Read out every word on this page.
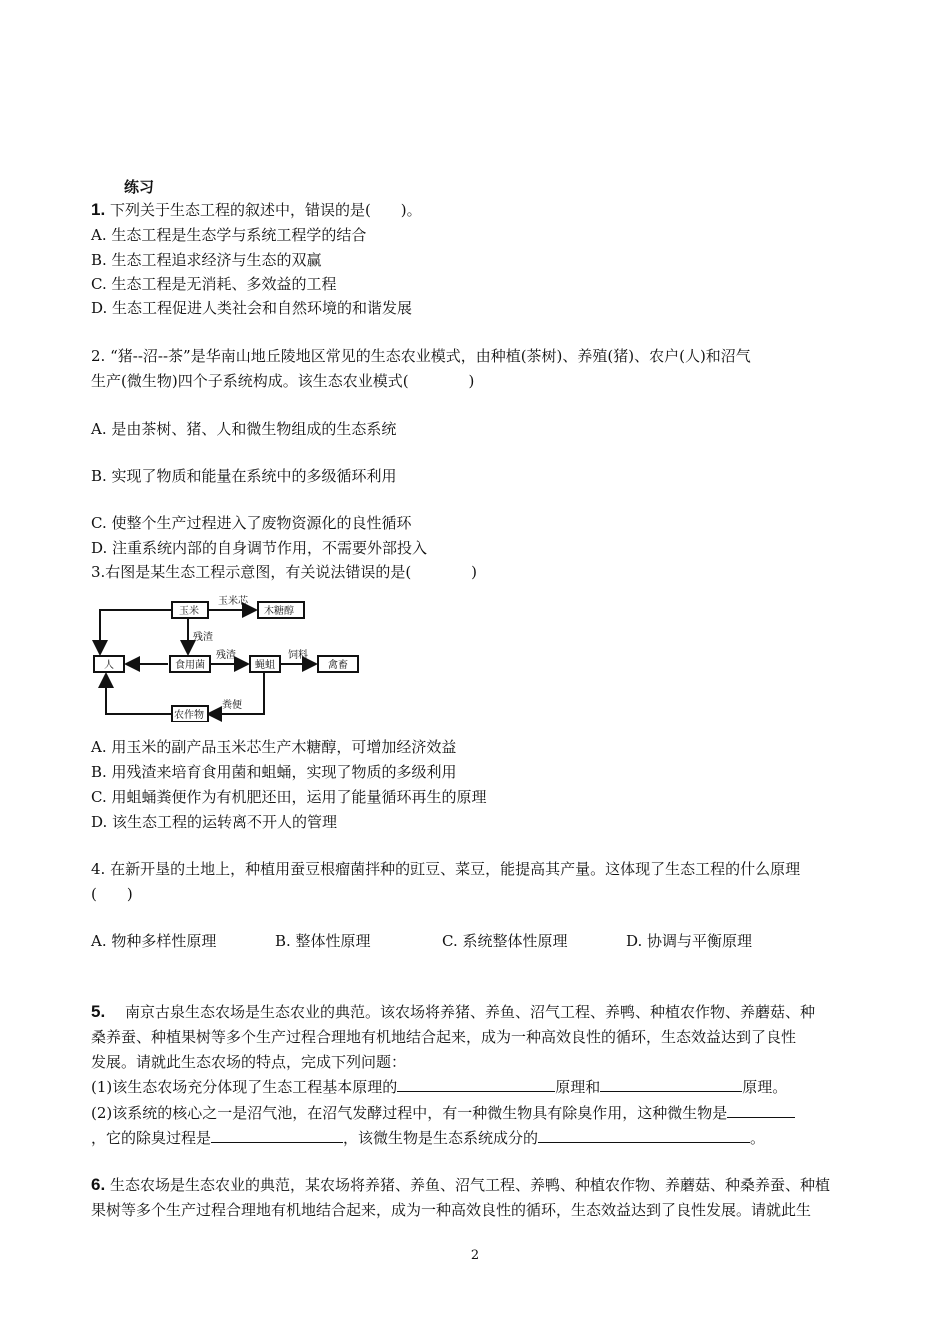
练习
1. 下列关于生态工程的叙述中，错误的是(　　)。
A. 生态工程是生态学与系统工程学的结合
B. 生态工程追求经济与生态的双赢
C. 生态工程是无消耗、多效益的工程
D. 生态工程促进人类社会和自然环境的和谐发展
2. “猪--沼--茶”是华南山地丘陵地区常见的生态农业模式，由种植(茶树)、养殖(猪)、农户(人)和沼气
生产(微生物)四个子系统构成。该生态农业模式(　　　　)
A. 是由茶树、猪、人和微生物组成的生态系统
B. 实现了物质和能量在系统中的多级循环利用
C. 使整个生产过程进入了废物资源化的良性循环
D. 注重系统内部的自身调节作用，不需要外部投入
3.右图是某生态工程示意图，有关说法错误的是(　　　　)
玉米芯
残渣
残渣	饲料
粪便
玉米	木糖醇
人	食用菌	蝇蛆	禽畜
农作物
A. 用玉米的副产品玉米芯生产木糖醇，可增加经济效益
B. 用残渣来培育食用菌和蛆蛹，实现了物质的多级利用
C. 用蛆蛹粪便作为有机肥还田，运用了能量循环再生的原理
D. 该生态工程的运转离不开人的管理
4. 在新开垦的土地上，种植用蚕豆根瘤菌拌种的豇豆、菜豆，能提高其产量。这体现了生态工程的什么原理
(　　)
A. 物种多样性原理	B. 整体性原理	C. 系统整体性原理	D. 协调与平衡原理
5.　 南京古泉生态农场是生态农业的典范。该农场将养猪、养鱼、沼气工程、养鸭、种植农作物、养蘑菇、种
桑养蚕、种植果树等多个生产过程合理地有机地结合起来，成为一种高效良性的循环，生态效益达到了良性
发展。请就此生态农场的特点，完成下列问题：
(1)该生态农场充分体现了生态工程基本原理的	原理和	原理。
(2)该系统的核心之一是沼气池，在沼气发酵过程中，有一种微生物具有除臭作用，这种微生物是
，它的除臭过程是	，该微生物是生态系统成分的	。
6. 生态农场是生态农业的典范，某农场将养猪、养鱼、沼气工程、养鸭、种植农作物、养蘑菇、种桑养蚕、种植
果树等多个生产过程合理地有机地结合起来，成为一种高效良性的循环，生态效益达到了良性发展。请就此生
2
